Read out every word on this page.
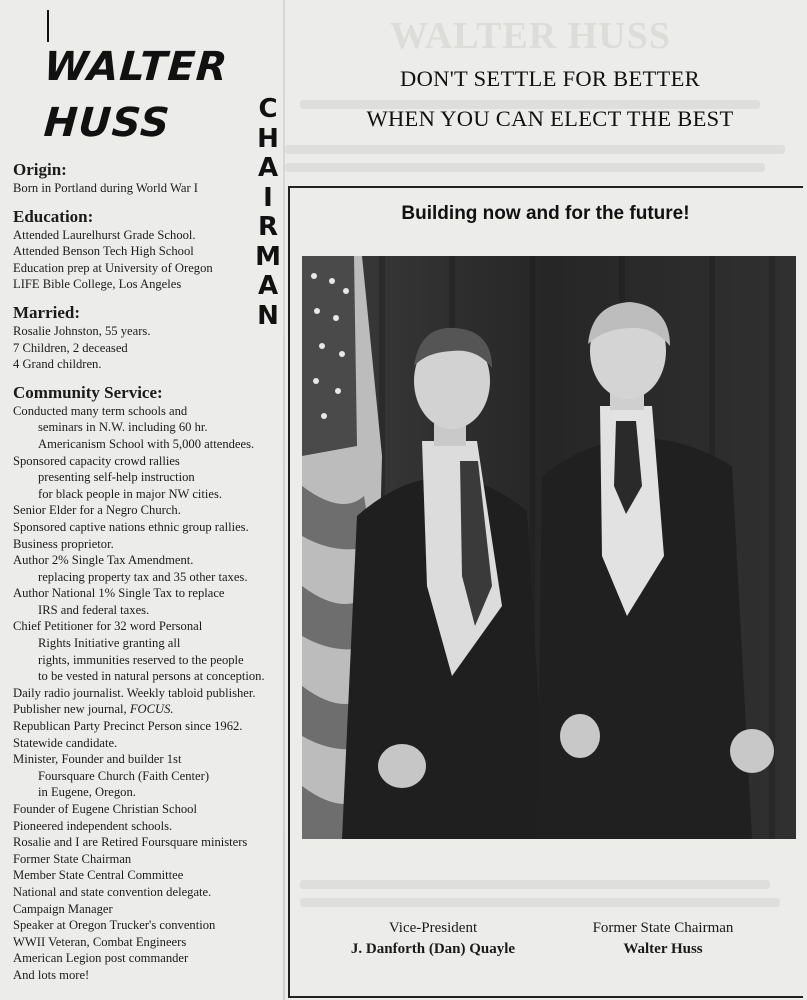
WALTER HUSS
WALTER
HUSS	C
H
A
I
R
M
A
N
Origin:
Born in Portland during World War I
Education:
Attended Laurelhurst Grade School.
Attended Benson Tech High School
Education prep at University of Oregon
LIFE Bible College, Los Angeles
Married:
Rosalie Johnston, 55 years.
7 Children, 2 deceased
4 Grand children.
Community Service:
Conducted many term schools and
seminars in N.W. including 60 hr.
Americanism School with 5,000 attendees.
Sponsored capacity crowd rallies
presenting self-help instruction
for black people in major NW cities.
Senior Elder for a Negro Church.
Sponsored captive nations ethnic group rallies.
Business proprietor.
Author 2% Single Tax Amendment.
replacing property tax and 35 other taxes.
Author National 1% Single Tax to replace
IRS and federal taxes.
Chief Petitioner for 32 word Personal
Rights Initiative granting all
rights, immunities reserved to the people
to be vested in natural persons at conception.
Daily radio journalist. Weekly tabloid publisher.
Publisher new journal, FOCUS.
Republican Party Precinct Person since 1962.
Statewide candidate.
Minister, Founder and builder 1st
Foursquare Church (Faith Center)
in Eugene, Oregon.
Founder of Eugene Christian School
Pioneered independent schools.
Rosalie and I are Retired Foursquare ministers
Former State Chairman
Member State Central Committee
National and state convention delegate.
Campaign Manager
Speaker at Oregon Trucker's convention
WWII Veteran, Combat Engineers
American Legion post commander
And lots more!
DON'T SETTLE FOR BETTER
WHEN YOU CAN ELECT THE BEST
Building now and for the future!
Vice-President
J. Danforth (Dan) Quayle
Former State Chairman
Walter Huss
